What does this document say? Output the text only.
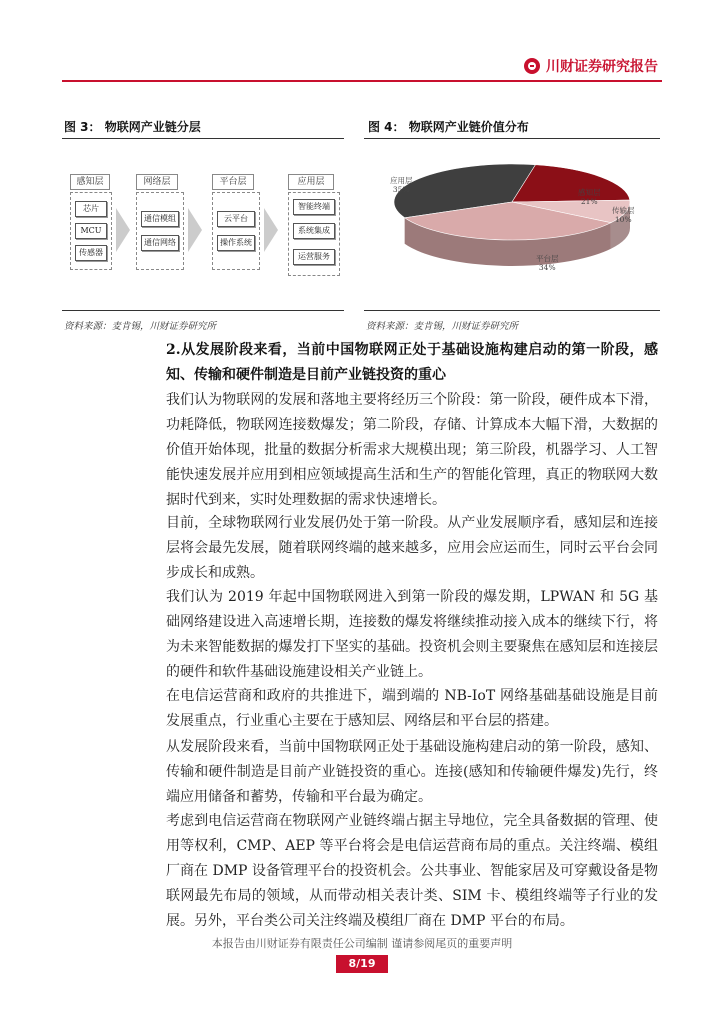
川财证券研究报告
图 3： 物联网产业链分层
感知层
芯片
MCU
传感器
网络层
通信模组
通信网络
平台层
云平台
操作系统
应用层
智能终端
系统集成
运营服务
资料来源：麦肯锡，川财证券研究所
图 4： 物联网产业链价值分布
应用层
35%	感知层
21%
传输层
10%
平台层
34%
资料来源：麦肯锡，川财证券研究所
2.从发展阶段来看，当前中国物联网正处于基础设施构建启动的第一阶段，感知、传输和硬件制造是目前产业链投资的重心
我们认为物联网的发展和落地主要将经历三个阶段：第一阶段，硬件成本下滑，功耗降低，物联网连接数爆发；第二阶段，存储、计算成本大幅下滑，大数据的价值开始体现，批量的数据分析需求大规模出现；第三阶段，机器学习、人工智能快速发展并应用到相应领域提高生活和生产的智能化管理，真正的物联网大数据时代到来，实时处理数据的需求快速增长。
目前，全球物联网行业发展仍处于第一阶段。从产业发展顺序看，感知层和连接层将会最先发展，随着联网终端的越来越多，应用会应运而生，同时云平台会同步成长和成熟。
我们认为 2019 年起中国物联网进入到第一阶段的爆发期，LPWAN 和 5G 基础网络建设进入高速增长期，连接数的爆发将继续推动接入成本的继续下行，将为未来智能数据的爆发打下坚实的基础。投资机会则主要聚焦在感知层和连接层的硬件和软件基础设施建设相关产业链上。
在电信运营商和政府的共推进下，端到端的 NB-IoT 网络基础基础设施是目前发展重点，行业重心主要在于感知层、网络层和平台层的搭建。
从发展阶段来看，当前中国物联网正处于基础设施构建启动的第一阶段，感知、传输和硬件制造是目前产业链投资的重心。连接(感知和传输硬件爆发)先行，终端应用储备和蓄势，传输和平台最为确定。
考虑到电信运营商在物联网产业链终端占据主导地位，完全具备数据的管理、使用等权利，CMP、AEP 等平台将会是电信运营商布局的重点。关注终端、模组厂商在 DMP 设备管理平台的投资机会。公共事业、智能家居及可穿戴设备是物联网最先布局的领域，从而带动相关表计类、SIM 卡、模组终端等子行业的发展。另外，平台类公司关注终端及模组厂商在 DMP 平台的布局。
本报告由川财证券有限责任公司编制 谨请参阅尾页的重要声明
8/19
